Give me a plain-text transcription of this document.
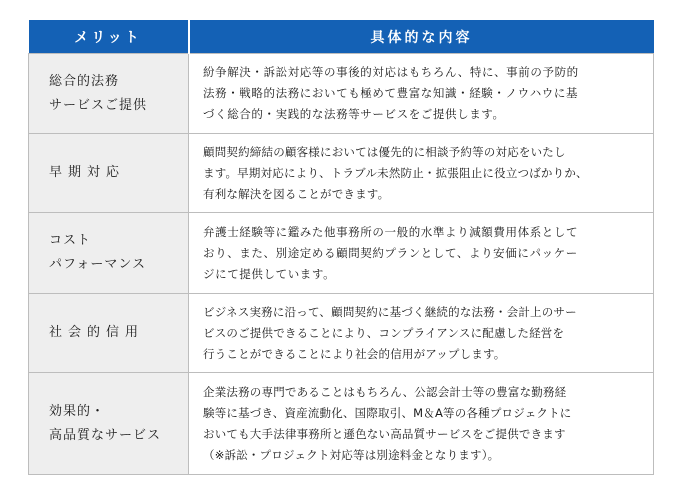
メリット	具体的な内容
総合的法務
サービスご提供	紛争解決・訴訟対応等の事後的対応はもちろん、特に、事前の予防的
法務・戦略的法務においても極めて豊富な知識・経験・ノウハウに基
づく総合的・実践的な法務等サービスをご提供します。
早期対応	顧問契約締結の顧客様においては優先的に相談予約等の対応をいたし
ます。早期対応により、トラブル未然防止・拡張阻止に役立つばかりか、
有利な解決を図ることができます。
コスト
パフォーマンス	弁護士経験等に鑑みた他事務所の一般的水準より減額費用体系として
おり、また、別途定める顧問契約プランとして、より安価にパッケー
ジにて提供しています。
社会的信用	ビジネス実務に沿って、顧問契約に基づく継続的な法務・会計上のサー
ビスのご提供できることにより、コンプライアンスに配慮した経営を
行うことができることにより社会的信用がアップします。
効果的・
高品質なサービス	企業法務の専門であることはもちろん、公認会計士等の豊富な勤務経
験等に基づき、資産流動化、国際取引、M＆A等の各種プロジェクトに
おいても大手法律事務所と遜色ない高品質サービスをご提供できます
（※訴訟・プロジェクト対応等は別途料金となります）。
